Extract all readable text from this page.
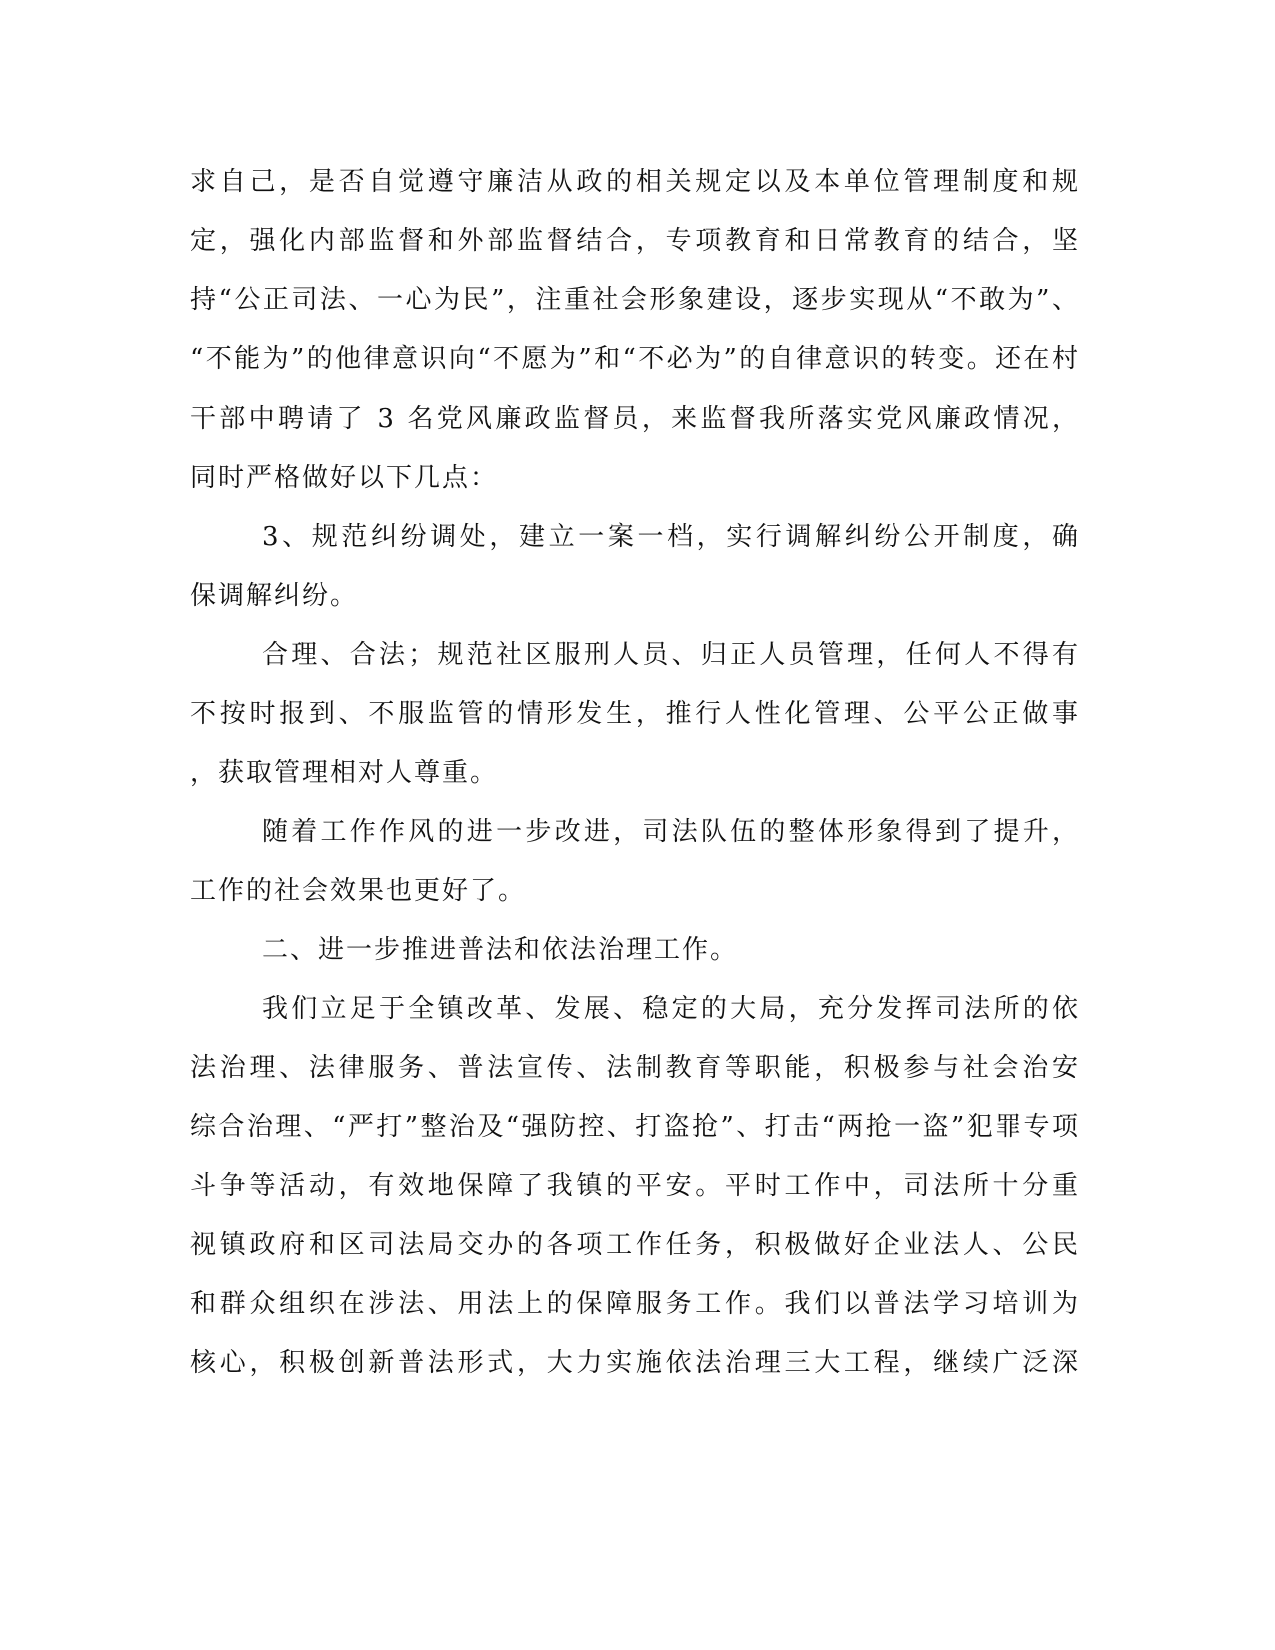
求自己，是否自觉遵守廉洁从政的相关规定以及本单位管理制度和规
定，强化内部监督和外部监督结合，专项教育和日常教育的结合，坚
持“公正司法、一心为民”，注重社会形象建设，逐步实现从“不敢为”、
“不能为”的他律意识向“不愿为”和“不必为”的自律意识的转变。还在村
干部中聘请了 3 名党风廉政监督员，来监督我所落实党风廉政情况，
同时严格做好以下几点：
3、规范纠纷调处，建立一案一档，实行调解纠纷公开制度，确
保调解纠纷。
合理、合法；规范社区服刑人员、归正人员管理，任何人不得有
不按时报到、不服监管的情形发生，推行人性化管理、公平公正做事
，获取管理相对人尊重。
随着工作作风的进一步改进，司法队伍的整体形象得到了提升，
工作的社会效果也更好了。
二、进一步推进普法和依法治理工作。
我们立足于全镇改革、发展、稳定的大局，充分发挥司法所的依
法治理、法律服务、普法宣传、法制教育等职能，积极参与社会治安
综合治理、“严打”整治及“强防控、打盗抢”、打击“两抢一盗”犯罪专项
斗争等活动，有效地保障了我镇的平安。平时工作中，司法所十分重
视镇政府和区司法局交办的各项工作任务，积极做好企业法人、公民
和群众组织在涉法、用法上的保障服务工作。我们以普法学习培训为
核心，积极创新普法形式，大力实施依法治理三大工程，继续广泛深
